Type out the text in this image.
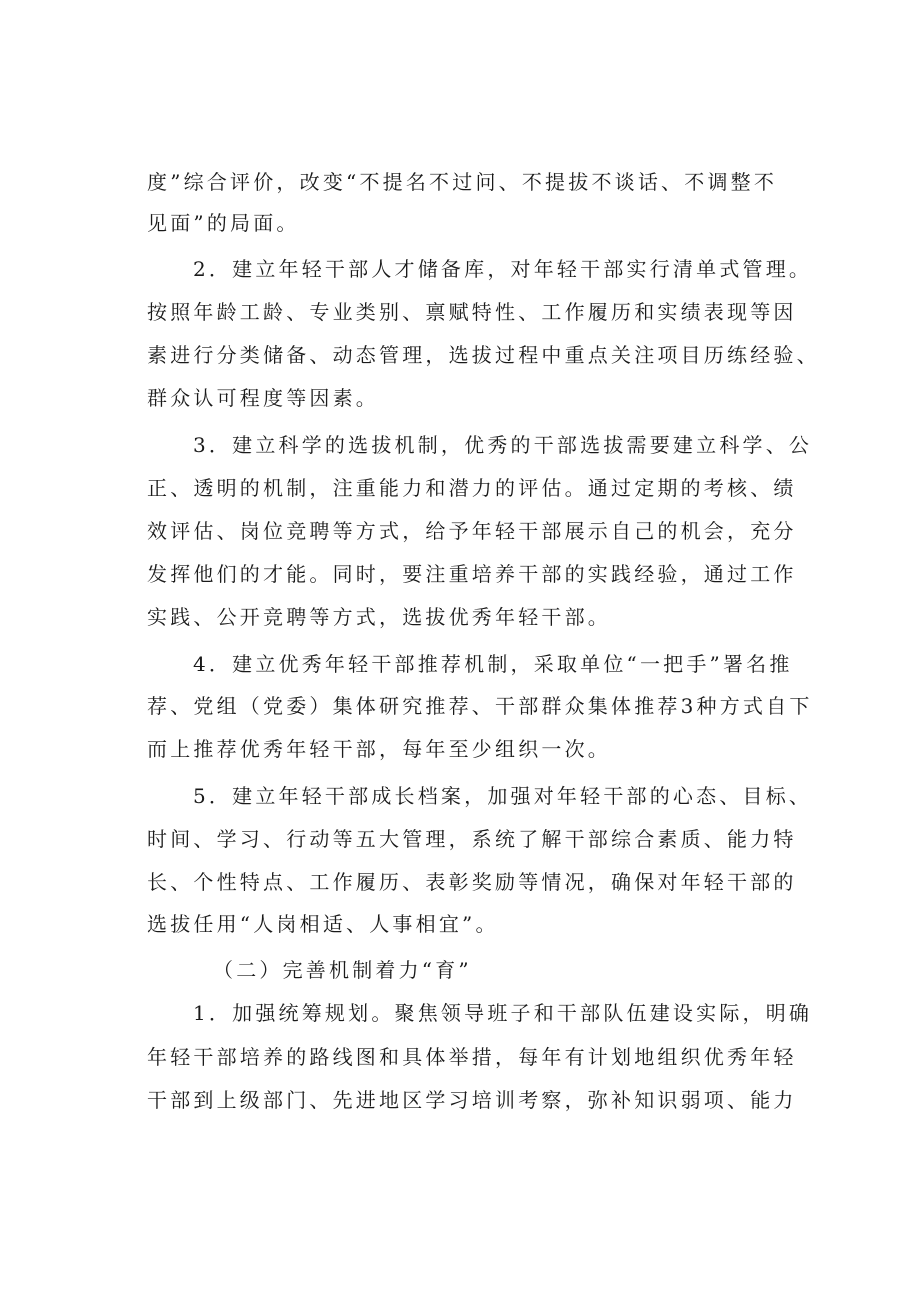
度”综合评价，改变“不提名不过问、不提拔不谈话、不调整不

见面”的局面。

2．建立年轻干部人才储备库，对年轻干部实行清单式管理。

按照年龄工龄、专业类别、禀赋特性、工作履历和实绩表现等因

素进行分类储备、动态管理，选拔过程中重点关注项目历练经验、

群众认可程度等因素。

3．建立科学的选拔机制，优秀的干部选拔需要建立科学、公

正、透明的机制，注重能力和潜力的评估。通过定期的考核、绩

效评估、岗位竞聘等方式，给予年轻干部展示自己的机会，充分

发挥他们的才能。同时，要注重培养干部的实践经验，通过工作

实践、公开竞聘等方式，选拔优秀年轻干部。

4．建立优秀年轻干部推荐机制，采取单位“一把手”署名推

荐、党组（党委）集体研究推荐、干部群众集体推荐3种方式自下

而上推荐优秀年轻干部，每年至少组织一次。

5．建立年轻干部成长档案，加强对年轻干部的心态、目标、

时间、学习、行动等五大管理，系统了解干部综合素质、能力特

长、个性特点、工作履历、表彰奖励等情况，确保对年轻干部的

选拔任用“人岗相适、人事相宜”。

（二）完善机制着力“育”

1．加强统筹规划。聚焦领导班子和干部队伍建设实际，明确

年轻干部培养的路线图和具体举措，每年有计划地组织优秀年轻

干部到上级部门、先进地区学习培训考察，弥补知识弱项、能力
